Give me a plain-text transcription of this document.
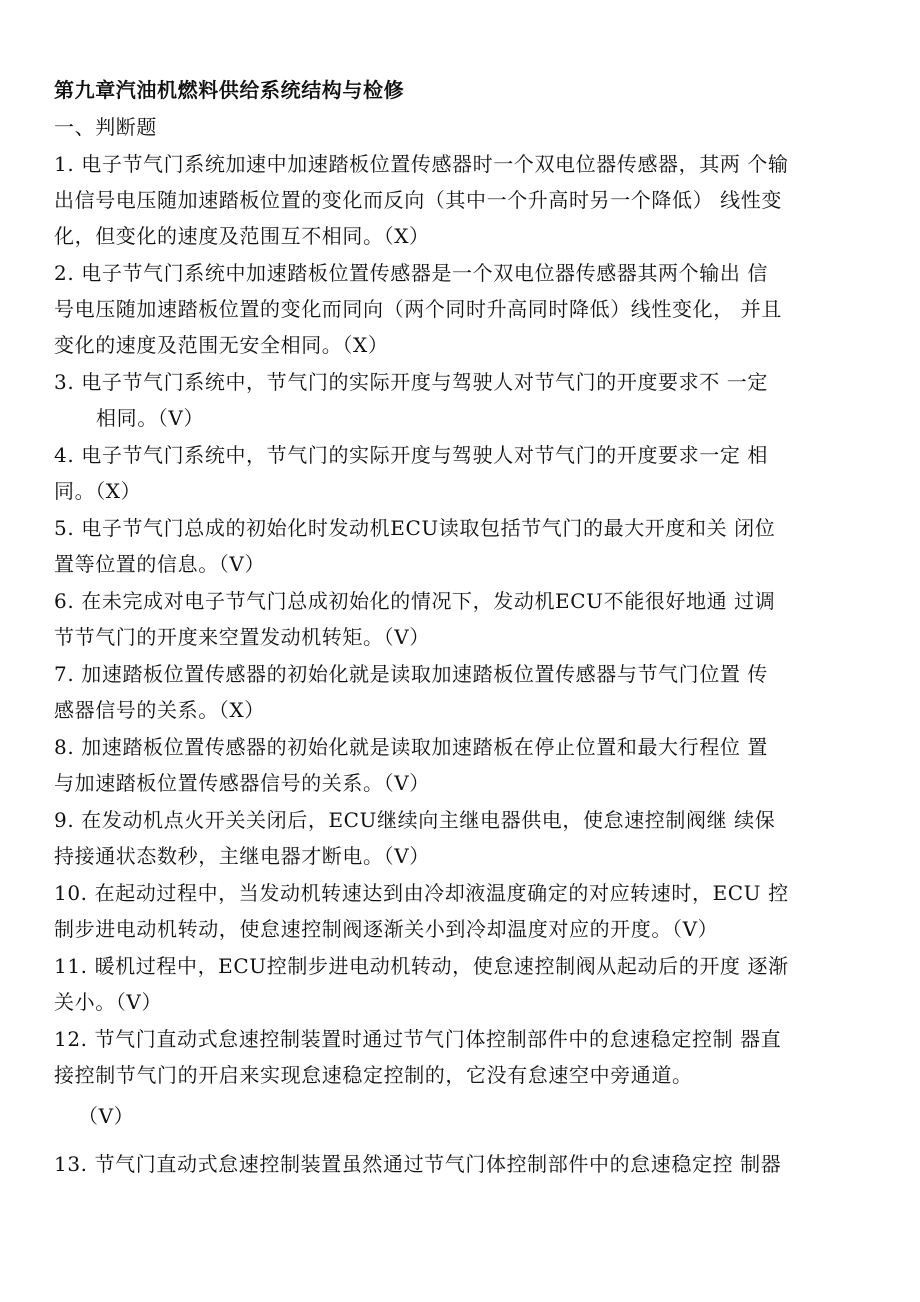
第九章汽油机燃料供给系统结构与检修
一、判断题
1. 电子节气门系统加速中加速踏板位置传感器时一个双电位器传感器，其两 个输
出信号电压随加速踏板位置的变化而反向（其中一个升高时另一个降低） 线性变
化，但变化的速度及范围互不相同。（X）
2. 电子节气门系统中加速踏板位置传感器是一个双电位器传感器其两个输出 信
号电压随加速踏板位置的变化而同向（两个同时升高同时降低）线性变化， 并且
变化的速度及范围无安全相同。（X）
3. 电子节气门系统中，节气门的实际开度与驾驶人对节气门的开度要求不 一定
相同。（V）
4. 电子节气门系统中，节气门的实际开度与驾驶人对节气门的开度要求一定 相
同。（X）
5. 电子节气门总成的初始化时发动机ECU读取包括节气门的最大开度和关 闭位
置等位置的信息。（V）
6. 在未完成对电子节气门总成初始化的情况下，发动机ECU不能很好地通 过调
节节气门的开度来空置发动机转矩。（V）
7. 加速踏板位置传感器的初始化就是读取加速踏板位置传感器与节气门位置 传
感器信号的关系。（X）
8. 加速踏板位置传感器的初始化就是读取加速踏板在停止位置和最大行程位 置
与加速踏板位置传感器信号的关系。（V）
9. 在发动机点火开关关闭后，ECU继续向主继电器供电，使怠速控制阀继 续保
持接通状态数秒，主继电器才断电。（V）
10. 在起动过程中，当发动机转速达到由冷却液温度确定的对应转速时，ECU 控
制步进电动机转动，使怠速控制阀逐渐关小到冷却温度对应的开度。（V）
11. 暖机过程中，ECU控制步进电动机转动，使怠速控制阀从起动后的开度 逐渐
关小。（V）
12. 节气门直动式怠速控制装置时通过节气门体控制部件中的怠速稳定控制 器直
接控制节气门的开启来实现怠速稳定控制的，它没有怠速空中旁通道。
（V）
13. 节气门直动式怠速控制装置虽然通过节气门体控制部件中的怠速稳定控 制器
